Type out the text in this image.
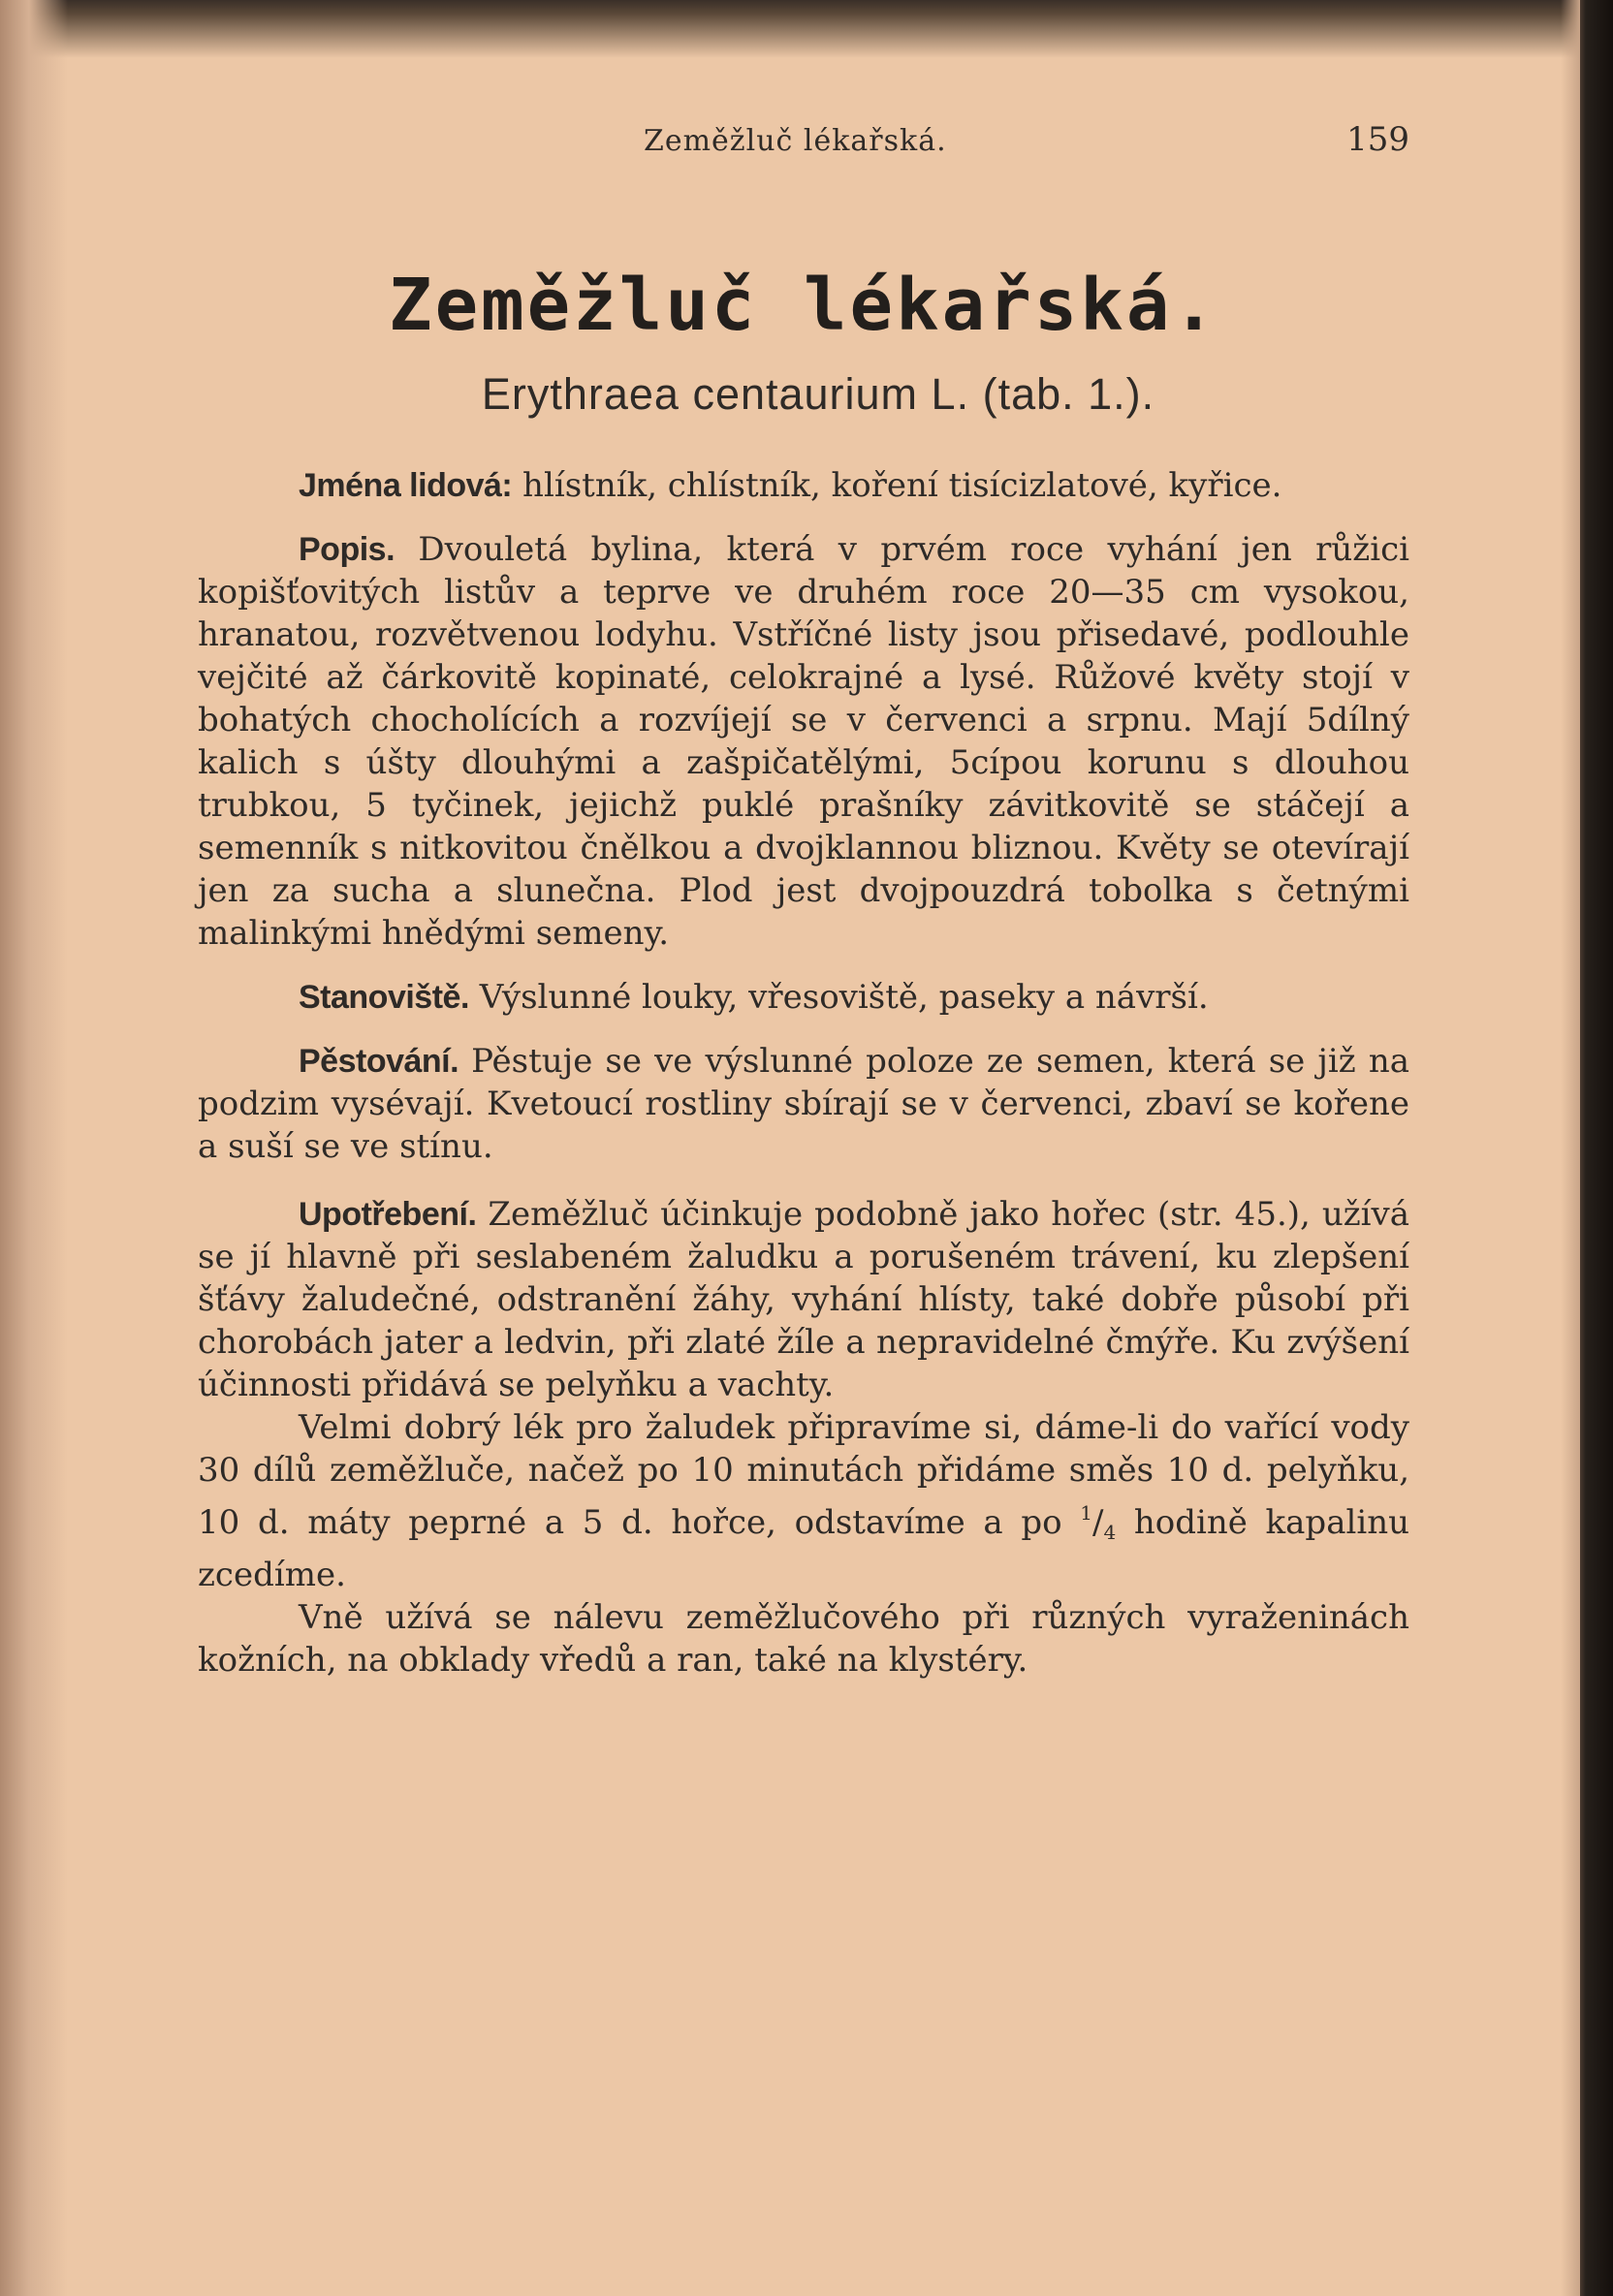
Zeměžluč lékařská.	159
Zeměžluč lékařská.
Erythraea centaurium L. (tab. 1.).

Jména lidová: hlístník, chlístník, koření tisícizlatové, kyřice.

Popis. Dvouletá bylina, která v prvém roce vyhání jen růžici kopišťovitých listův a teprve ve druhém roce 20—35 cm vysokou, hranatou, rozvětvenou lodyhu. Vstříčné listy jsou přisedavé, podlouhle vejčité až čárkovitě kopinaté, celokrajné a lysé. Růžové květy stojí v bohatých chocholících a rozvíjejí se v červenci a srpnu. Mají 5dílný kalich s úšty dlouhými a zašpičatělými, 5cípou korunu s dlouhou trubkou, 5 tyčinek, jejichž puklé prašníky závitkovitě se stáčejí a semenník s nitkovitou čnělkou a dvojklannou bliznou. Květy se otevírají jen za sucha a slunečna. Plod jest dvojpouzdrá tobolka s četnými malinkými hnědými semeny.

Stanoviště. Výslunné louky, vřesoviště, paseky a návrší.

Pěstování. Pěstuje se ve výslunné poloze ze semen, která se již na podzim vysévají. Kvetoucí rostliny sbírají se v červenci, zbaví se kořene a suší se ve stínu.

Upotřebení. Zeměžluč účinkuje podobně jako hořec (str. 45.), užívá se jí hlavně při seslabeném žaludku a porušeném trávení, ku zlepšení šťávy žaludečné, odstranění žáhy, vyhání hlísty, také dobře působí při chorobách jater a ledvin, při zlaté žíle a nepravidelné čmýře. Ku zvýšení účinnosti přidává se pelyňku a vachty.

Velmi dobrý lék pro žaludek připravíme si, dáme-li do vařící vody 30 dílů zeměžluče, načež po 10 minutách přidáme směs 10 d. pelyňku, 10 d. máty peprné a 5 d. hořce, odstavíme a po $^1/_4$ hodině kapalinu zcedíme.

Vně užívá se nálevu zeměžlučového při různých vyraženinách kožních, na obklady vředů a ran, také na klystéry.
